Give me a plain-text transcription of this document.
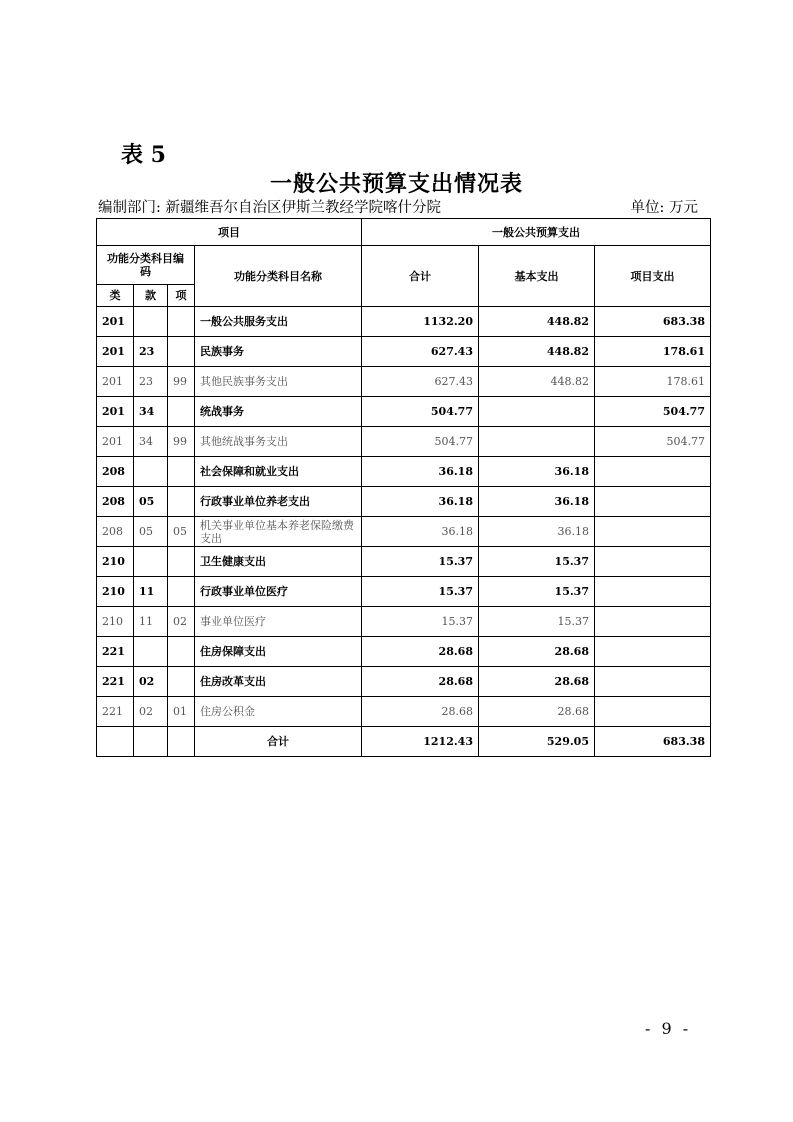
表 5
一般公共预算支出情况表
编制部门: 新疆维吾尔自治区伊斯兰教经学院喀什分院	单位: 万元
项目				一般公共预算支出		
功能分类科目编码			功能分类科目名称	合计	基本支出	项目支出
类	款	项				
201			一般公共服务支出	1132.20	448.82	683.38
201	23		民族事务	627.43	448.82	178.61
201	23	99	其他民族事务支出	627.43	448.82	178.61
201	34		统战事务	504.77		504.77
201	34	99	其他统战事务支出	504.77		504.77
208			社会保障和就业支出	36.18	36.18	
208	05		行政事业单位养老支出	36.18	36.18	
208	05	05	机关事业单位基本养老保险缴费支出	36.18	36.18	
210			卫生健康支出	15.37	15.37	
210	11		行政事业单位医疗	15.37	15.37	
210	11	02	事业单位医疗	15.37	15.37	
221			住房保障支出	28.68	28.68	
221	02		住房改革支出	28.68	28.68	
221	02	01	住房公积金	28.68	28.68	
			合计	1212.43	529.05	683.38
- 9 -
